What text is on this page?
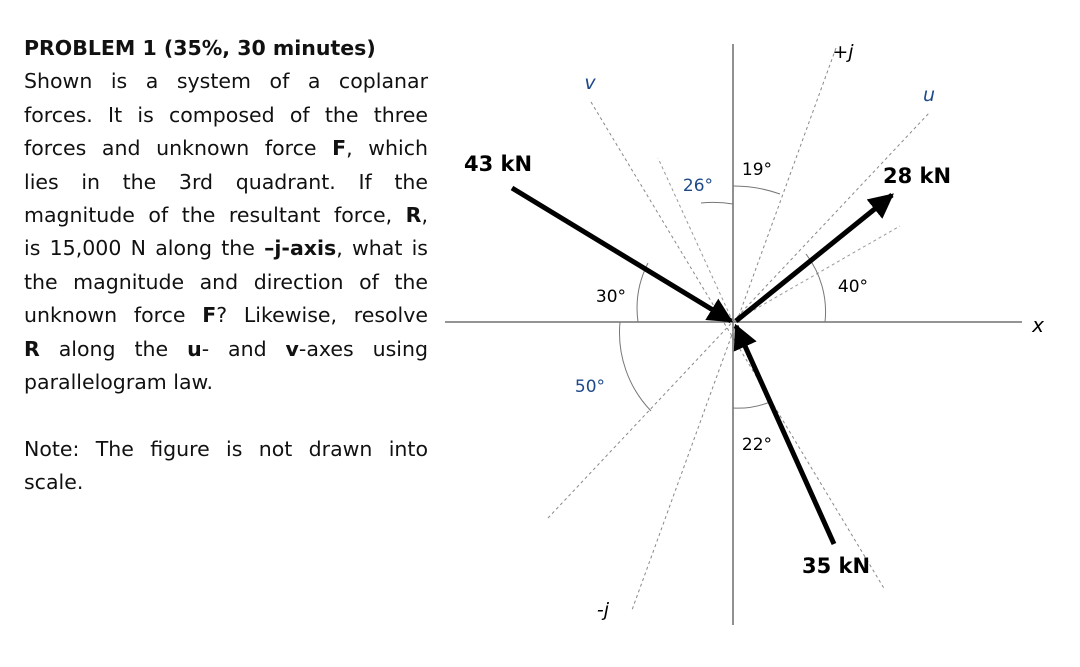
PROBLEM 1 (35%, 30 minutes)
Shown is a system of a coplanar
forces. It is composed of the three
forces and unknown force F, which
lies in the 3rd quadrant. If the
magnitude of the resultant force, R,
is 15,000 N along the –j-axis, what is
the magnitude and direction of the
unknown force F? Likewise, resolve
R along the u- and v-axes using
parallelogram law.
Note: The figure is not drawn into
scale.
+j
-j
x
u
v
43 kN	28 kN
35 kN
26°
19°
30°	40°
50°
22°
